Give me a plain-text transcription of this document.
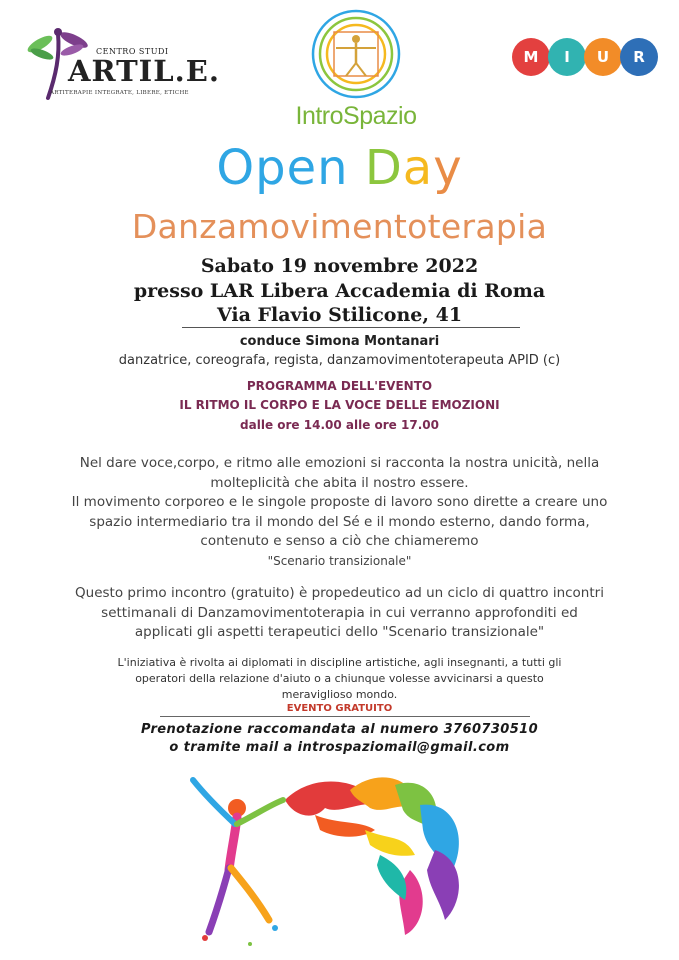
CENTRO STUDI
ARTIL.E.
ARTITERAPIE INTEGRATE, LIBERE, ETICHE
IntroSpazio
M	I	U	R
Open Day
Danzamovimentoterapia
Sabato 19 novembre 2022
presso LAR Libera Accademia di Roma
Via Flavio Stilicone, 41
conduce Simona Montanari
danzatrice, coreografa, regista, danzamovimentoterapeuta APID (c)
PROGRAMMA DELL'EVENTO
IL RITMO IL CORPO E LA VOCE DELLE EMOZIONI
dalle ore 14.00 alle ore 17.00
Nel dare voce,corpo, e ritmo alle emozioni si racconta la nostra unicità, nella
molteplicità che abita il nostro essere.
Il movimento corporeo e le singole proposte di lavoro sono dirette a creare uno
spazio intermediario tra il mondo del Sé e il mondo esterno, dando forma,
contenuto e senso a ciò che chiameremo
"Scenario transizionale"
Questo primo incontro (gratuito) è propedeutico ad un ciclo di quattro incontri
settimanali di Danzamovimentoterapia in cui verranno approfonditi ed
applicati gli aspetti terapeutici dello "Scenario transizionale"
L'iniziativa è rivolta ai diplomati in discipline artistiche, agli insegnanti, a tutti gli
operatori della relazione d'aiuto o a chiunque volesse avvicinarsi a questo
meraviglioso mondo.
EVENTO GRATUITO
Prenotazione raccomandata al numero 3760730510
o tramite mail a introspaziomail@gmail.com
